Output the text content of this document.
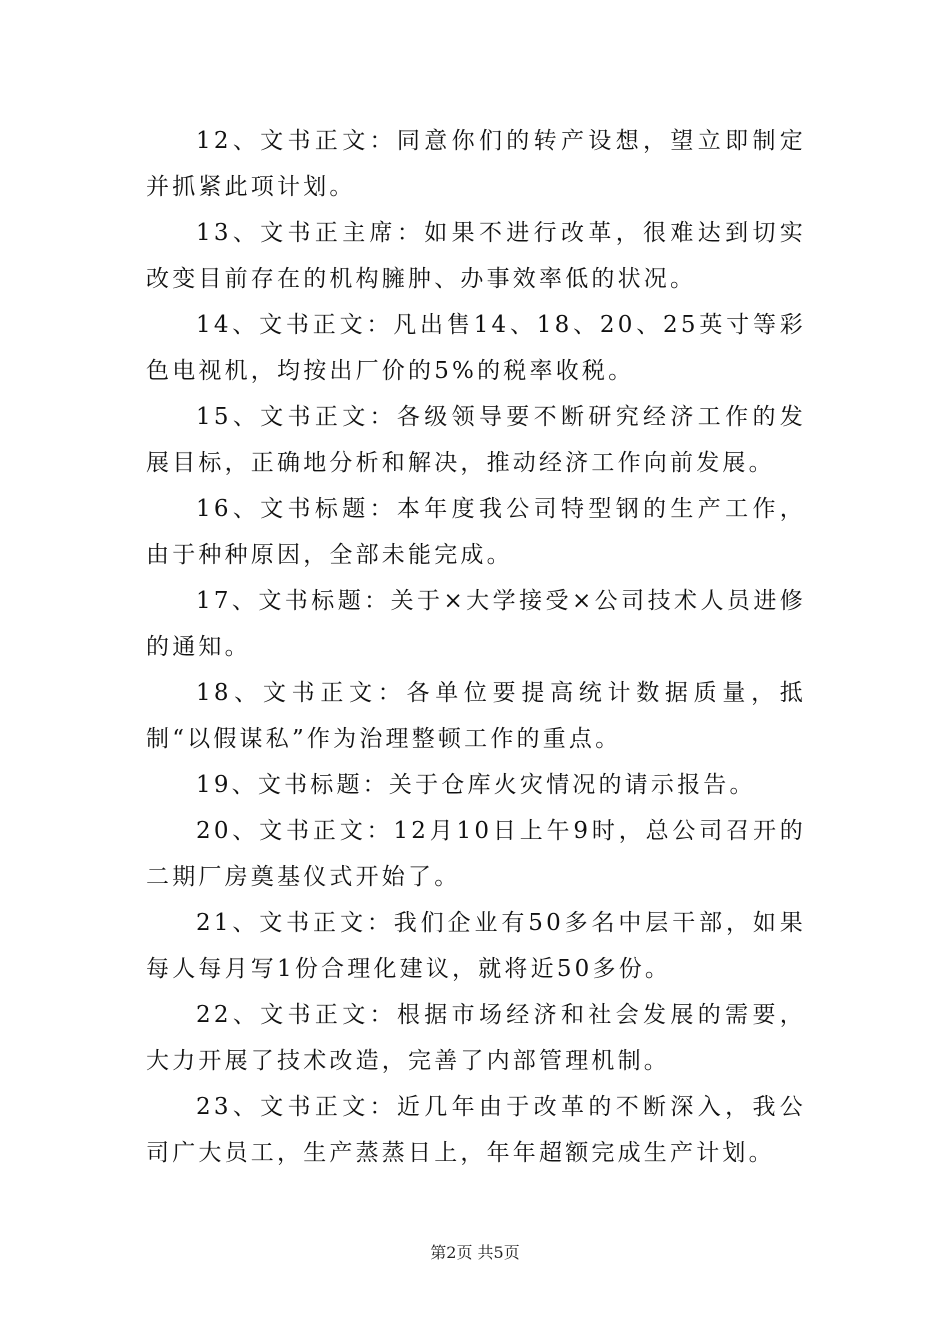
12、文书正文：同意你们的转产设想，望立即制定并抓紧此项计划。

13、文书正主席：如果不进行改革，很难达到切实改变目前存在的机构臃肿、办事效率低的状况。

14、文书正文：凡出售14、18、20、25英寸等彩色电视机，均按出厂价的5%的税率收税。

15、文书正文：各级领导要不断研究经济工作的发展目标，正确地分析和解决，推动经济工作向前发展。

16、文书标题：本年度我公司特型钢的生产工作，由于种种原因，全部未能完成。

17、文书标题：关于×大学接受×公司技术人员进修的通知。

18、文书正文：各单位要提高统计数据质量，抵制“以假谋私”作为治理整顿工作的重点。

19、文书标题：关于仓库火灾情况的请示报告。

20、文书正文：12月10日上午9时，总公司召开的二期厂房奠基仪式开始了。

21、文书正文：我们企业有50多名中层干部，如果每人每月写1份合理化建议，就将近50多份。

22、文书正文：根据市场经济和社会发展的需要，大力开展了技术改造，完善了内部管理机制。

23、文书正文：近几年由于改革的不断深入，我公司广大员工，生产蒸蒸日上，年年超额完成生产计划。

第2页 共5页
